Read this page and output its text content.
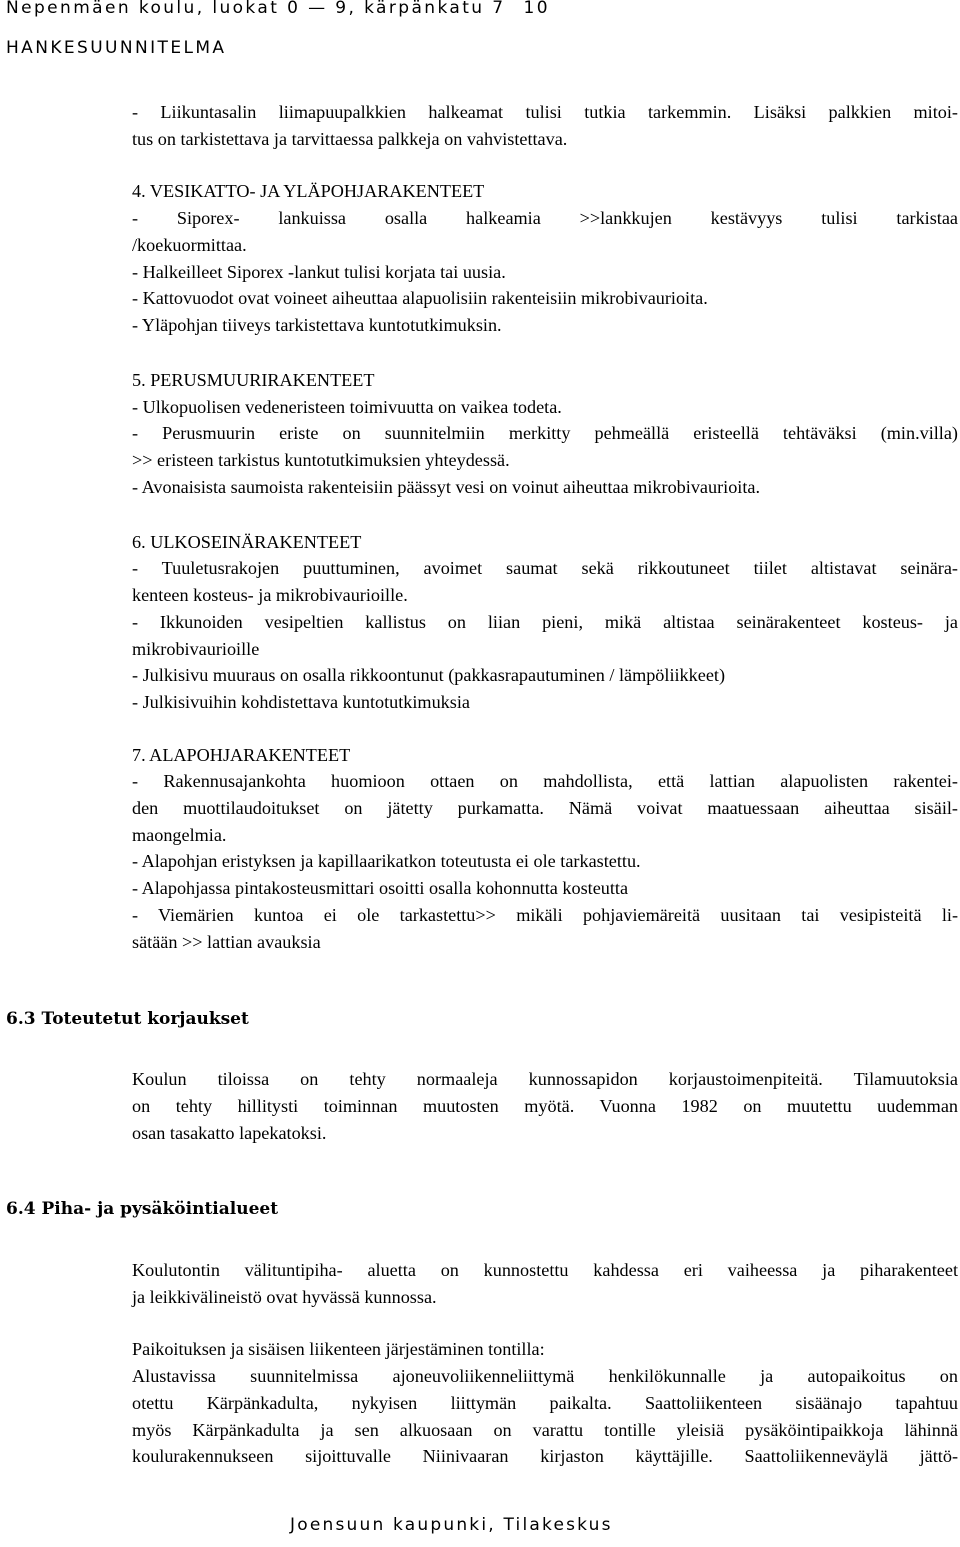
Nepenmäen koulu, luokat 0 — 9, kärpänkatu 7 10
HANKESUUNNITELMA
- Liikuntasalin liimapuupalkkien halkeamat tulisi tutkia tarkemmin. Lisäksi palkkien mitoi-
tus on tarkistettava ja tarvittaessa palkkeja on vahvistettava.
4. VESIKATTO- JA YLÄPOHJARAKENTEET
- Siporex- lankuissa osalla halkeamia >>lankkujen kestävyys tulisi tarkistaa
/koekuormittaa.
- Halkeilleet Siporex -lankut tulisi korjata tai uusia.
- Kattovuodot ovat voineet aiheuttaa alapuolisiin rakenteisiin mikrobivaurioita.
- Yläpohjan tiiveys tarkistettava kuntotutkimuksin.
5. PERUSMUURIRAKENTEET
- Ulkopuolisen vedeneristeen toimivuutta on vaikea todeta.
- Perusmuurin eriste on suunnitelmiin merkitty pehmeällä eristeellä tehtäväksi (min.villa)
>> eristeen tarkistus kuntotutkimuksien yhteydessä.
- Avonaisista saumoista rakenteisiin päässyt vesi on voinut aiheuttaa mikrobivaurioita.
6. ULKOSEINÄRAKENTEET
- Tuuletusrakojen puuttuminen, avoimet saumat sekä rikkoutuneet tiilet altistavat seinära-
kenteen kosteus- ja mikrobivaurioille.
- Ikkunoiden vesipeltien kallistus on liian pieni, mikä altistaa seinärakenteet kosteus- ja
mikrobivaurioille
- Julkisivu muuraus on osalla rikkoontunut (pakkasrapautuminen / lämpöliikkeet)
- Julkisivuihin kohdistettava kuntotutkimuksia
7. ALAPOHJARAKENTEET
- Rakennusajankohta huomioon ottaen on mahdollista, että lattian alapuolisten rakentei-
den muottilaudoitukset on jätetty purkamatta. Nämä voivat maatuessaan aiheuttaa sisäil-
maongelmia.
- Alapohjan eristyksen ja kapillaarikatkon toteutusta ei ole tarkastettu.
- Alapohjassa pintakosteusmittari osoitti osalla kohonnutta kosteutta
- Viemärien kuntoa ei ole tarkastettu>> mikäli pohjaviemäreitä uusitaan tai vesipisteitä li-
sätään >> lattian avauksia
6.3 Toteutetut korjaukset
Koulun tiloissa on tehty normaaleja kunnossapidon korjaustoimenpiteitä. Tilamuutoksia
on tehty hillitysti toiminnan muutosten myötä. Vuonna 1982 on muutettu uudemman
osan tasakatto lapekatoksi.
6.4 Piha- ja pysäköintialueet
Koulutontin välituntipiha- aluetta on kunnostettu kahdessa eri vaiheessa ja piharakenteet
ja leikkivälineistö ovat hyvässä kunnossa.
Paikoituksen ja sisäisen liikenteen järjestäminen tontilla:
Alustavissa suunnitelmissa ajoneuvoliikenneliittymä henkilökunnalle ja autopaikoitus on
otettu Kärpänkadulta, nykyisen liittymän paikalta. Saattoliikenteen sisäänajo tapahtuu
myös Kärpänkadulta ja sen alkuosaan on varattu tontille yleisiä pysäköintipaikkoja lähinnä
koulurakennukseen sijoittuvalle Niinivaaran kirjaston käyttäjille. Saattoliikenneväylä jättö-
Joensuun kaupunki, Tilakeskus
